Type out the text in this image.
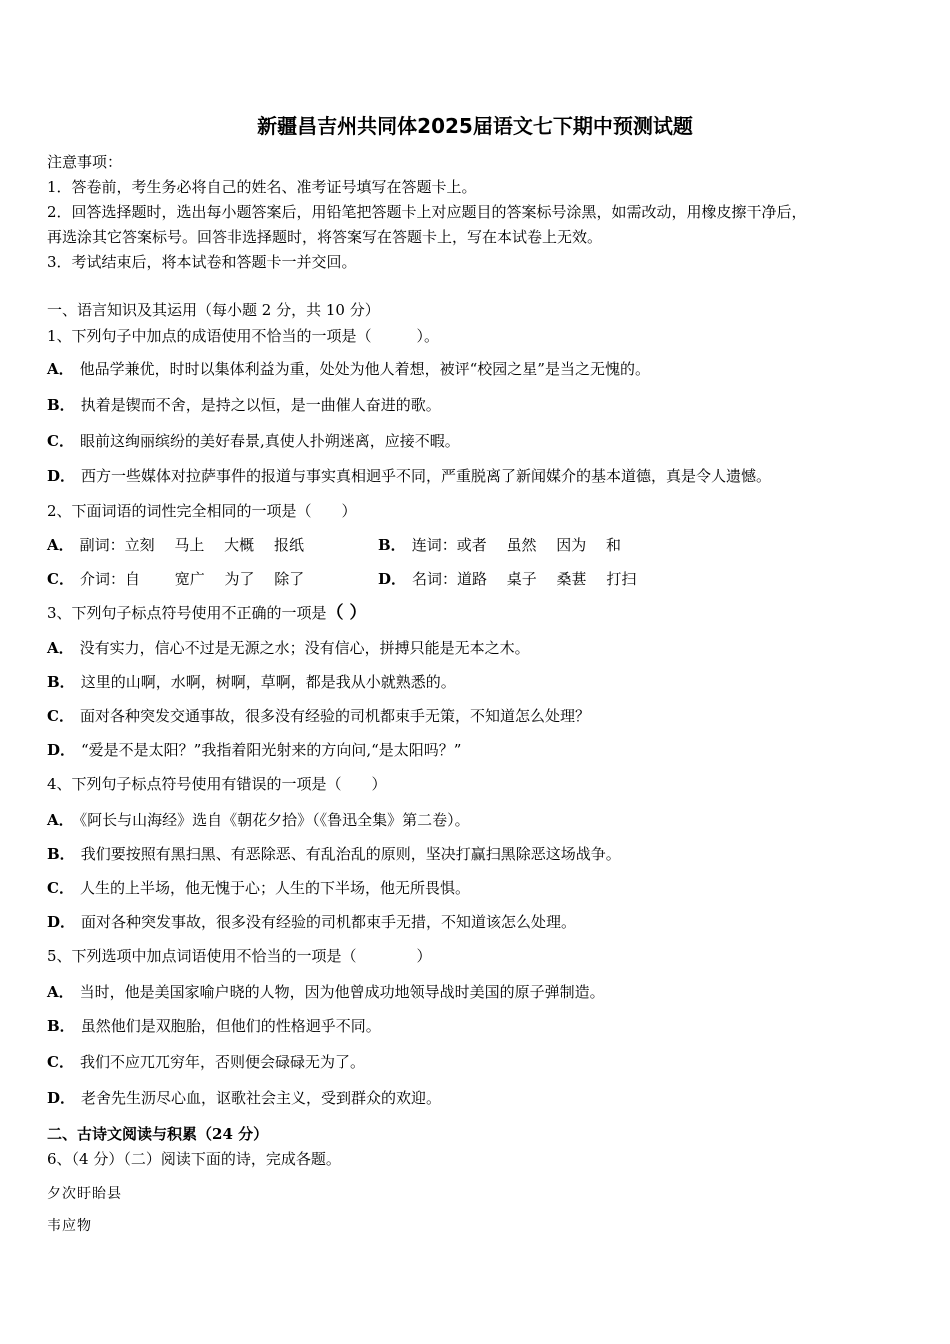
新疆昌吉州共同体2025届语文七下期中预测试题
注意事项：
1．答卷前，考生务必将自己的姓名、准考证号填写在答题卡上。
2．回答选择题时，选出每小题答案后，用铅笔把答题卡上对应题目的答案标号涂黑，如需改动，用橡皮擦干净后，
再选涂其它答案标号。回答非选择题时，将答案写在答题卡上，写在本试卷上无效。
3．考试结束后，将本试卷和答题卡一并交回。
一、语言知识及其运用（每小题 2 分，共 10 分）
1、下列句子中加点的成语使用不恰当的一项是（　　　）。
A． 他品学兼优，时时以集体利益为重，处处为他人着想，被评“校园之星”是当之无愧的。
B． 执着是锲而不舍，是持之以恒，是一曲催人奋进的歌。
C． 眼前这绚丽缤纷的美好春景,真使人扑朔迷离，应接不暇。
D． 西方一些媒体对拉萨事件的报道与事实真相迥乎不同，严重脱离了新闻媒介的基本道德，真是令人遗憾。
2、下面词语的词性完全相同的一项是（　　）
A． 副词：立刻　 马上　 大概　 报纸	B． 连词：或者　 虽然　 因为　 和
C． 介词：自　　 宽广　 为了　 除了	D． 名词：道路　 桌子　 桑葚　 打扫
3、下列句子标点符号使用不正确的一项是（ ）
A． 没有实力，信心不过是无源之水；没有信心，拼搏只能是无本之木。
B． 这里的山啊，水啊，树啊，草啊，都是我从小就熟悉的。
C． 面对各种突发交通事故，很多没有经验的司机都束手无策，不知道怎么处理？
D． “爱是不是太阳？”我指着阳光射来的方向问,“是太阳吗？”
4、下列句子标点符号使用有错误的一项是（　　）
A． 《阿长与山海经》选自《朝花夕拾》（《鲁迅全集》第二卷）。
B． 我们要按照有黑扫黑、有恶除恶、有乱治乱的原则，坚决打赢扫黑除恶这场战争。
C． 人生的上半场，他无愧于心；人生的下半场，他无所畏惧。
D． 面对各种突发事故，很多没有经验的司机都束手无措，不知道该怎么处理。
5、下列选项中加点词语使用不恰当的一项是（　　　　）
A． 当时，他是美国家喻户晓的人物，因为他曾成功地领导战时美国的原子弹制造。
B． 虽然他们是双胞胎，但他们的性格迥乎不同。
C． 我们不应兀兀穷年，否则便会碌碌无为了。
D． 老舍先生沥尽心血，讴歌社会主义，受到群众的欢迎。
二、古诗文阅读与积累（24 分）
6、（4 分）（二）阅读下面的诗，完成各题。
夕次盱眙县
韦应物
